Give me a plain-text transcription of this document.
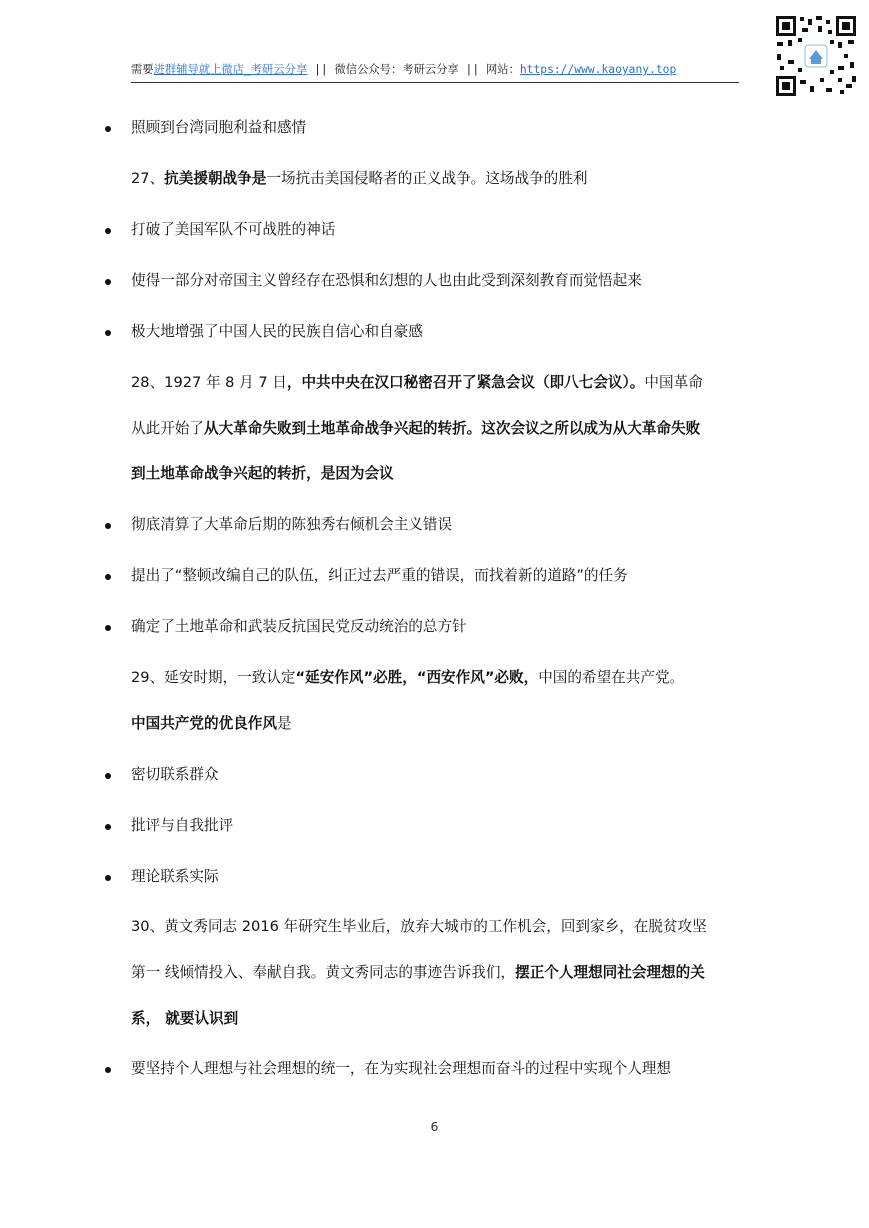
需要进群辅导就上微店_考研云分享 || 微信公众号：考研云分享 || 网站：https://www.kaoyany.top
照顾到台湾同胞利益和感情
27、抗美援朝战争是一场抗击美国侵略者的正义战争。这场战争的胜利
打破了美国军队不可战胜的神话
使得一部分对帝国主义曾经存在恐惧和幻想的人也由此受到深刻教育而觉悟起来
极大地增强了中国人民的民族自信心和自豪感
28、1927 年 8 月 7 日，中共中央在汉口秘密召开了紧急会议（即八七会议）。中国革命
从此开始了从大革命失败到土地革命战争兴起的转折。这次会议之所以成为从大革命失败
到土地革命战争兴起的转折，是因为会议
彻底清算了大革命后期的陈独秀右倾机会主义错误
提出了“整顿改编自己的队伍，纠正过去严重的错误，而找着新的道路”的任务
确定了土地革命和武装反抗国民党反动统治的总方针
29、延安时期，一致认定“延安作风”必胜，“西安作风”必败，中国的希望在共产党。
中国共产党的优良作风是
密切联系群众
批评与自我批评
理论联系实际
30、黄文秀同志 2016 年研究生毕业后，放弃大城市的工作机会，回到家乡，在脱贫攻坚
第一 线倾情投入、奉献自我。黄文秀同志的事迹告诉我们，摆正个人理想同社会理想的关
系， 就要认识到
要坚持个人理想与社会理想的统一，在为实现社会理想而奋斗的过程中实现个人理想
6
